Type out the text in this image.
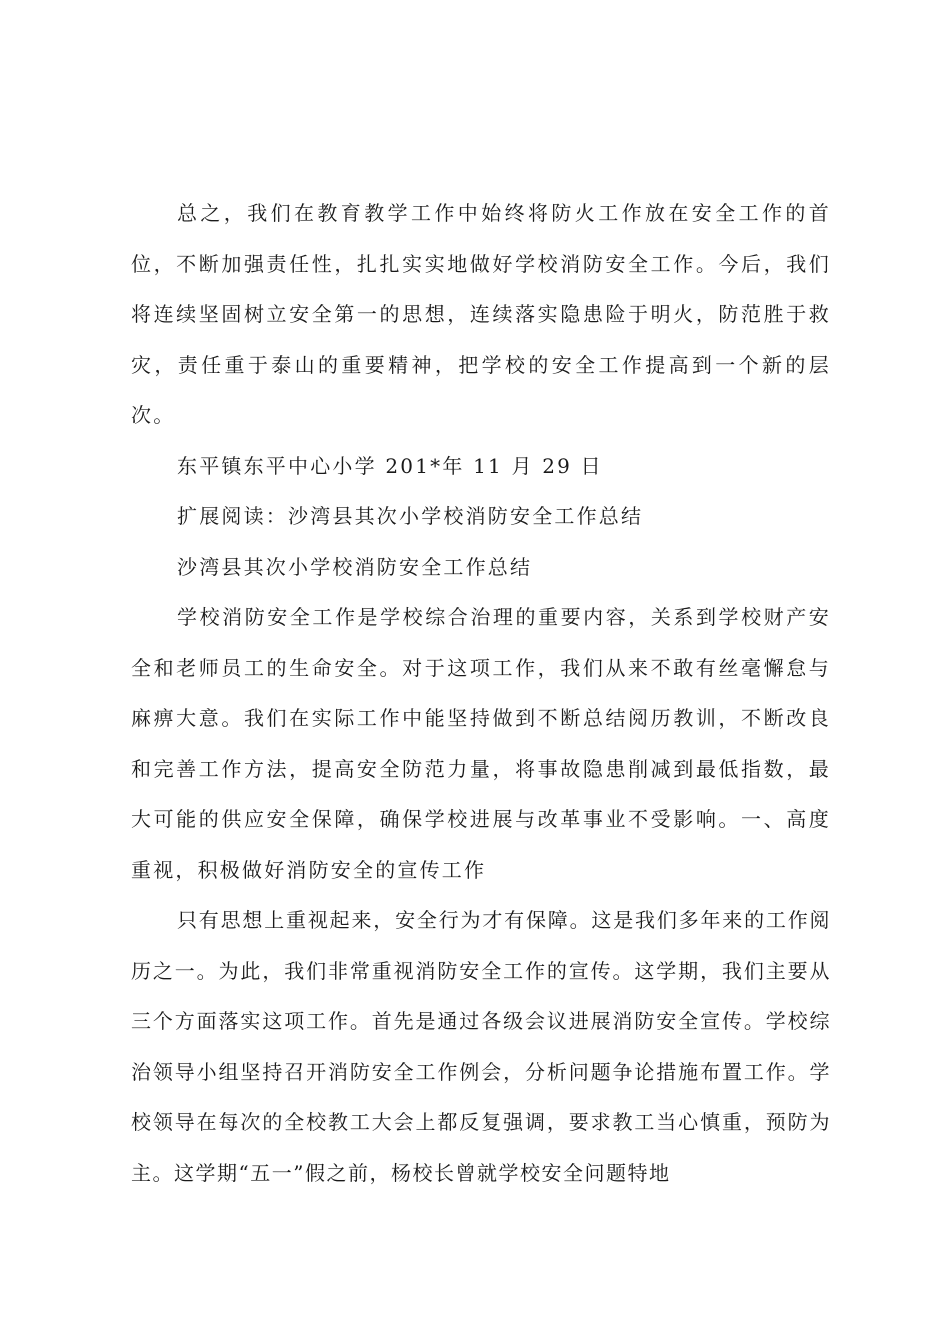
总之，我们在教育教学工作中始终将防火工作放在安全工作的首位，不断加强责任性，扎扎实实地做好学校消防安全工作。今后，我们将连续坚固树立安全第一的思想，连续落实隐患险于明火，防范胜于救灾，责任重于泰山的重要精神，把学校的安全工作提高到一个新的层次。

东平镇东平中心小学 201*年 11 月 29 日

扩展阅读：沙湾县其次小学校消防安全工作总结

沙湾县其次小学校消防安全工作总结

学校消防安全工作是学校综合治理的重要内容，关系到学校财产安全和老师员工的生命安全。对于这项工作，我们从来不敢有丝毫懈怠与麻痹大意。我们在实际工作中能坚持做到不断总结阅历教训，不断改良和完善工作方法，提高安全防范力量，将事故隐患削减到最低指数，最大可能的供应安全保障，确保学校进展与改革事业不受影响。一、高度重视，积极做好消防安全的宣传工作

只有思想上重视起来，安全行为才有保障。这是我们多年来的工作阅历之一。为此，我们非常重视消防安全工作的宣传。这学期，我们主要从三个方面落实这项工作。首先是通过各级会议进展消防安全宣传。学校综治领导小组坚持召开消防安全工作例会，分析问题争论措施布置工作。学校领导在每次的全校教工大会上都反复强调，要求教工当心慎重，预防为主。这学期“五一”假之前，杨校长曾就学校安全问题特地
